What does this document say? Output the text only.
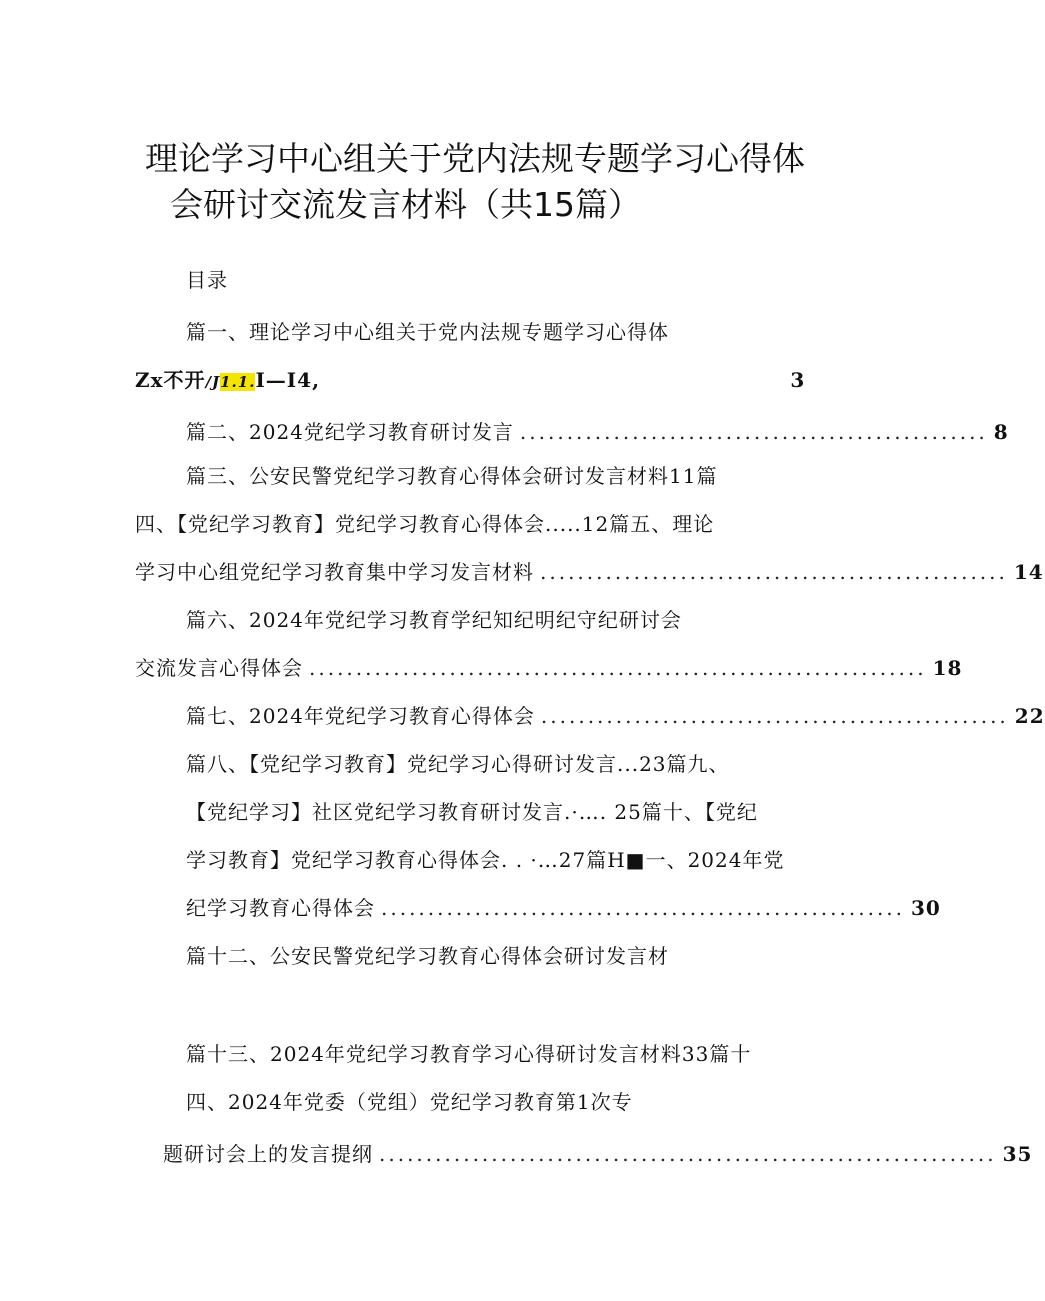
理论学习中心组关于党内法规专题学习心得体
会研讨交流发言材料（共15篇）
目录
篇一、理论学习中心组关于党内法规专题学习心得体
Zx不开/J1.1.I—I4,	3
篇二、2024党纪学习教育研讨发言 .................................................. 8
篇三、公安民警党纪学习教育心得体会研讨发言材料11篇
四、【党纪学习教育】党纪学习教育心得体会.....12篇五、理论
学习中心组党纪学习教育集中学习发言材料 .................................................. 14
篇六、2024年党纪学习教育学纪知纪明纪守纪研讨会
交流发言心得体会 .................................................................. 18
篇七、2024年党纪学习教育心得体会 .................................................. 22
篇八、【党纪学习教育】党纪学习心得研讨发言...23篇九、
【党纪学习】社区党纪学习教育研讨发言.·…. 25篇十、【党纪
学习教育】党纪学习教育心得体会. . ·…27篇H■一、2024年党
纪学习教育心得体会 ........................................................ 30
篇十二、公安民警党纪学习教育心得体会研讨发言材
篇十三、2024年党纪学习教育学习心得研讨发言材料33篇十
四、2024年党委（党组）党纪学习教育第1次专
题研讨会上的发言提纲 .................................................................. 35
